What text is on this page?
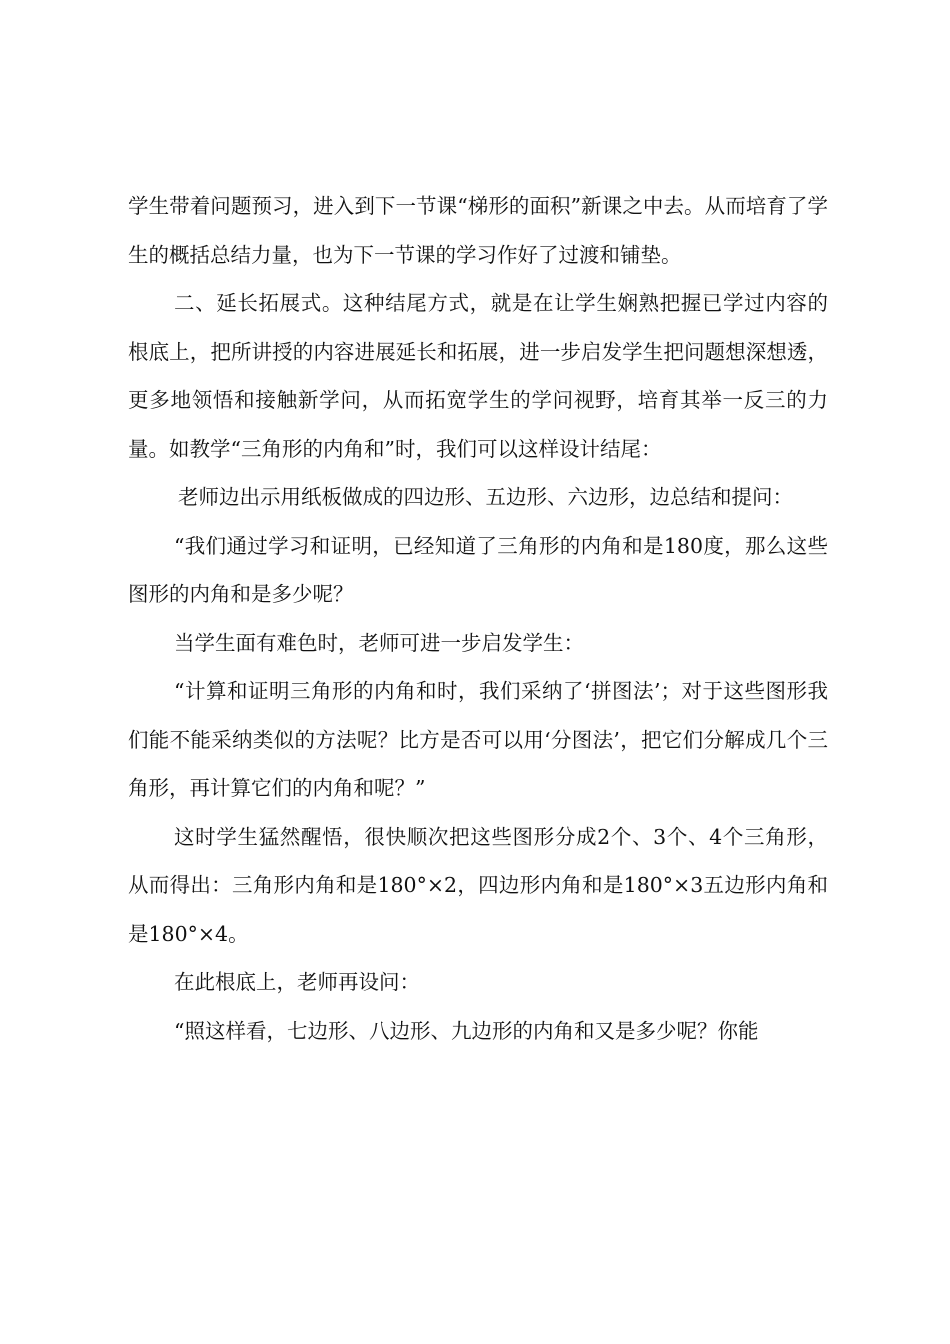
学生带着问题预习，进入到下一节课“梯形的面积”新课之中去。从而培育了学生的概括总结力量，也为下一节课的学习作好了过渡和铺垫。

二、延长拓展式。这种结尾方式，就是在让学生娴熟把握已学过内容的根底上，把所讲授的内容进展延长和拓展，进一步启发学生把问题想深想透，更多地领悟和接触新学问，从而拓宽学生的学问视野，培育其举一反三的力量。如教学“三角形的内角和”时，我们可以这样设计结尾：

老师边出示用纸板做成的四边形、五边形、六边形，边总结和提问：

“我们通过学习和证明，已经知道了三角形的内角和是180度，那么这些图形的内角和是多少呢？

当学生面有难色时，老师可进一步启发学生：

“计算和证明三角形的内角和时，我们采纳了‘拼图法’；对于这些图形我们能不能采纳类似的方法呢？比方是否可以用‘分图法’，把它们分解成几个三角形，再计算它们的内角和呢？”

这时学生猛然醒悟，很快顺次把这些图形分成2个、3个、4个三角形，从而得出：三角形内角和是180°×2，四边形内角和是180°×3五边形内角和是180°×4。

在此根底上，老师再设问：

“照这样看，七边形、八边形、九边形的内角和又是多少呢？你能
